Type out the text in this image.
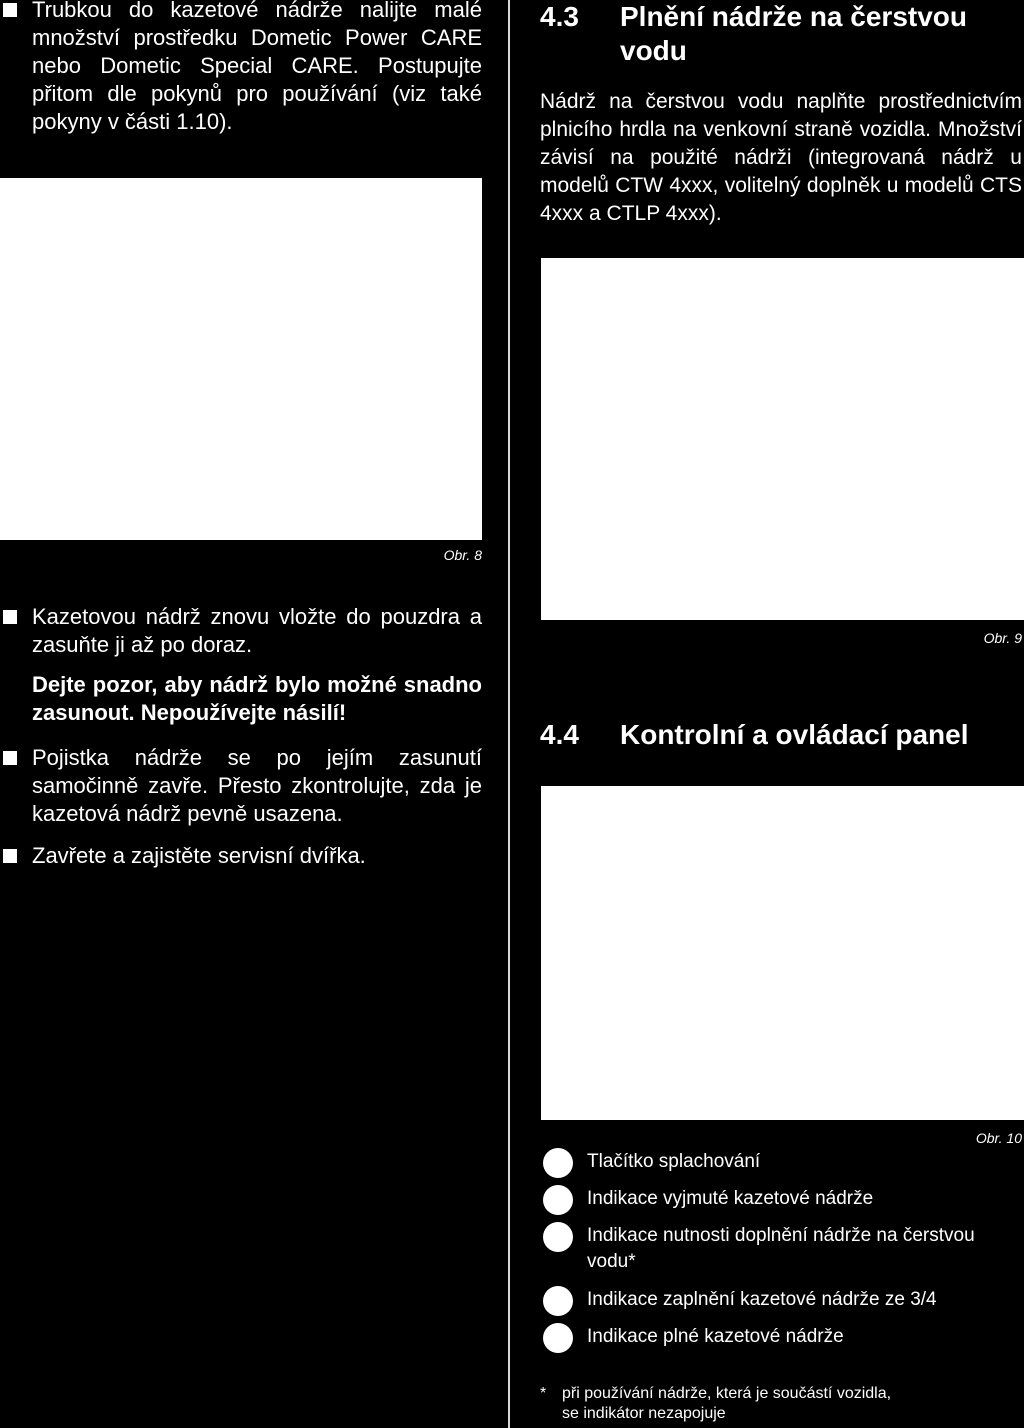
Trubkou do kazetové nádrže nalijte malé množství prostředku Dometic Power CARE nebo Dometic Special CARE. Postupujte přitom dle pokynů pro používání (viz také pokyny v části 1.10).
Obr. 8
Kazetovou nádrž znovu vložte do pouzdra a zasuňte ji až po doraz.
Dejte pozor, aby nádrž bylo možné snadno zasunout. Nepoužívejte násilí!
Pojistka nádrže se po jejím zasunutí samočinně zavře. Přesto zkontrolujte, zda je kazetová nádrž pevně usazena.
Zavřete a zajistěte servisní dvířka.
4.3	Plnění nádrže na čerstvou vodu
Nádrž na čerstvou vodu naplňte prostřednictvím plnicího hrdla na venkovní straně vozidla. Množství závisí na použité nádrži (integrovaná nádrž u modelů CTW 4xxx, volitelný doplněk u modelů CTS 4xxx a CTLP 4xxx).
Obr. 9
4.4	Kontrolní a ovládací panel
Obr. 10
Tlačítko splachování
Indikace vyjmuté kazetové nádrže
Indikace nutnosti doplnění nádrže na čerstvou vodu*
Indikace zaplnění kazetové nádrže ze 3/4
Indikace plné kazetové nádrže
* při používání nádrže, která je součástí vozidla,
se indikátor nezapojuje
